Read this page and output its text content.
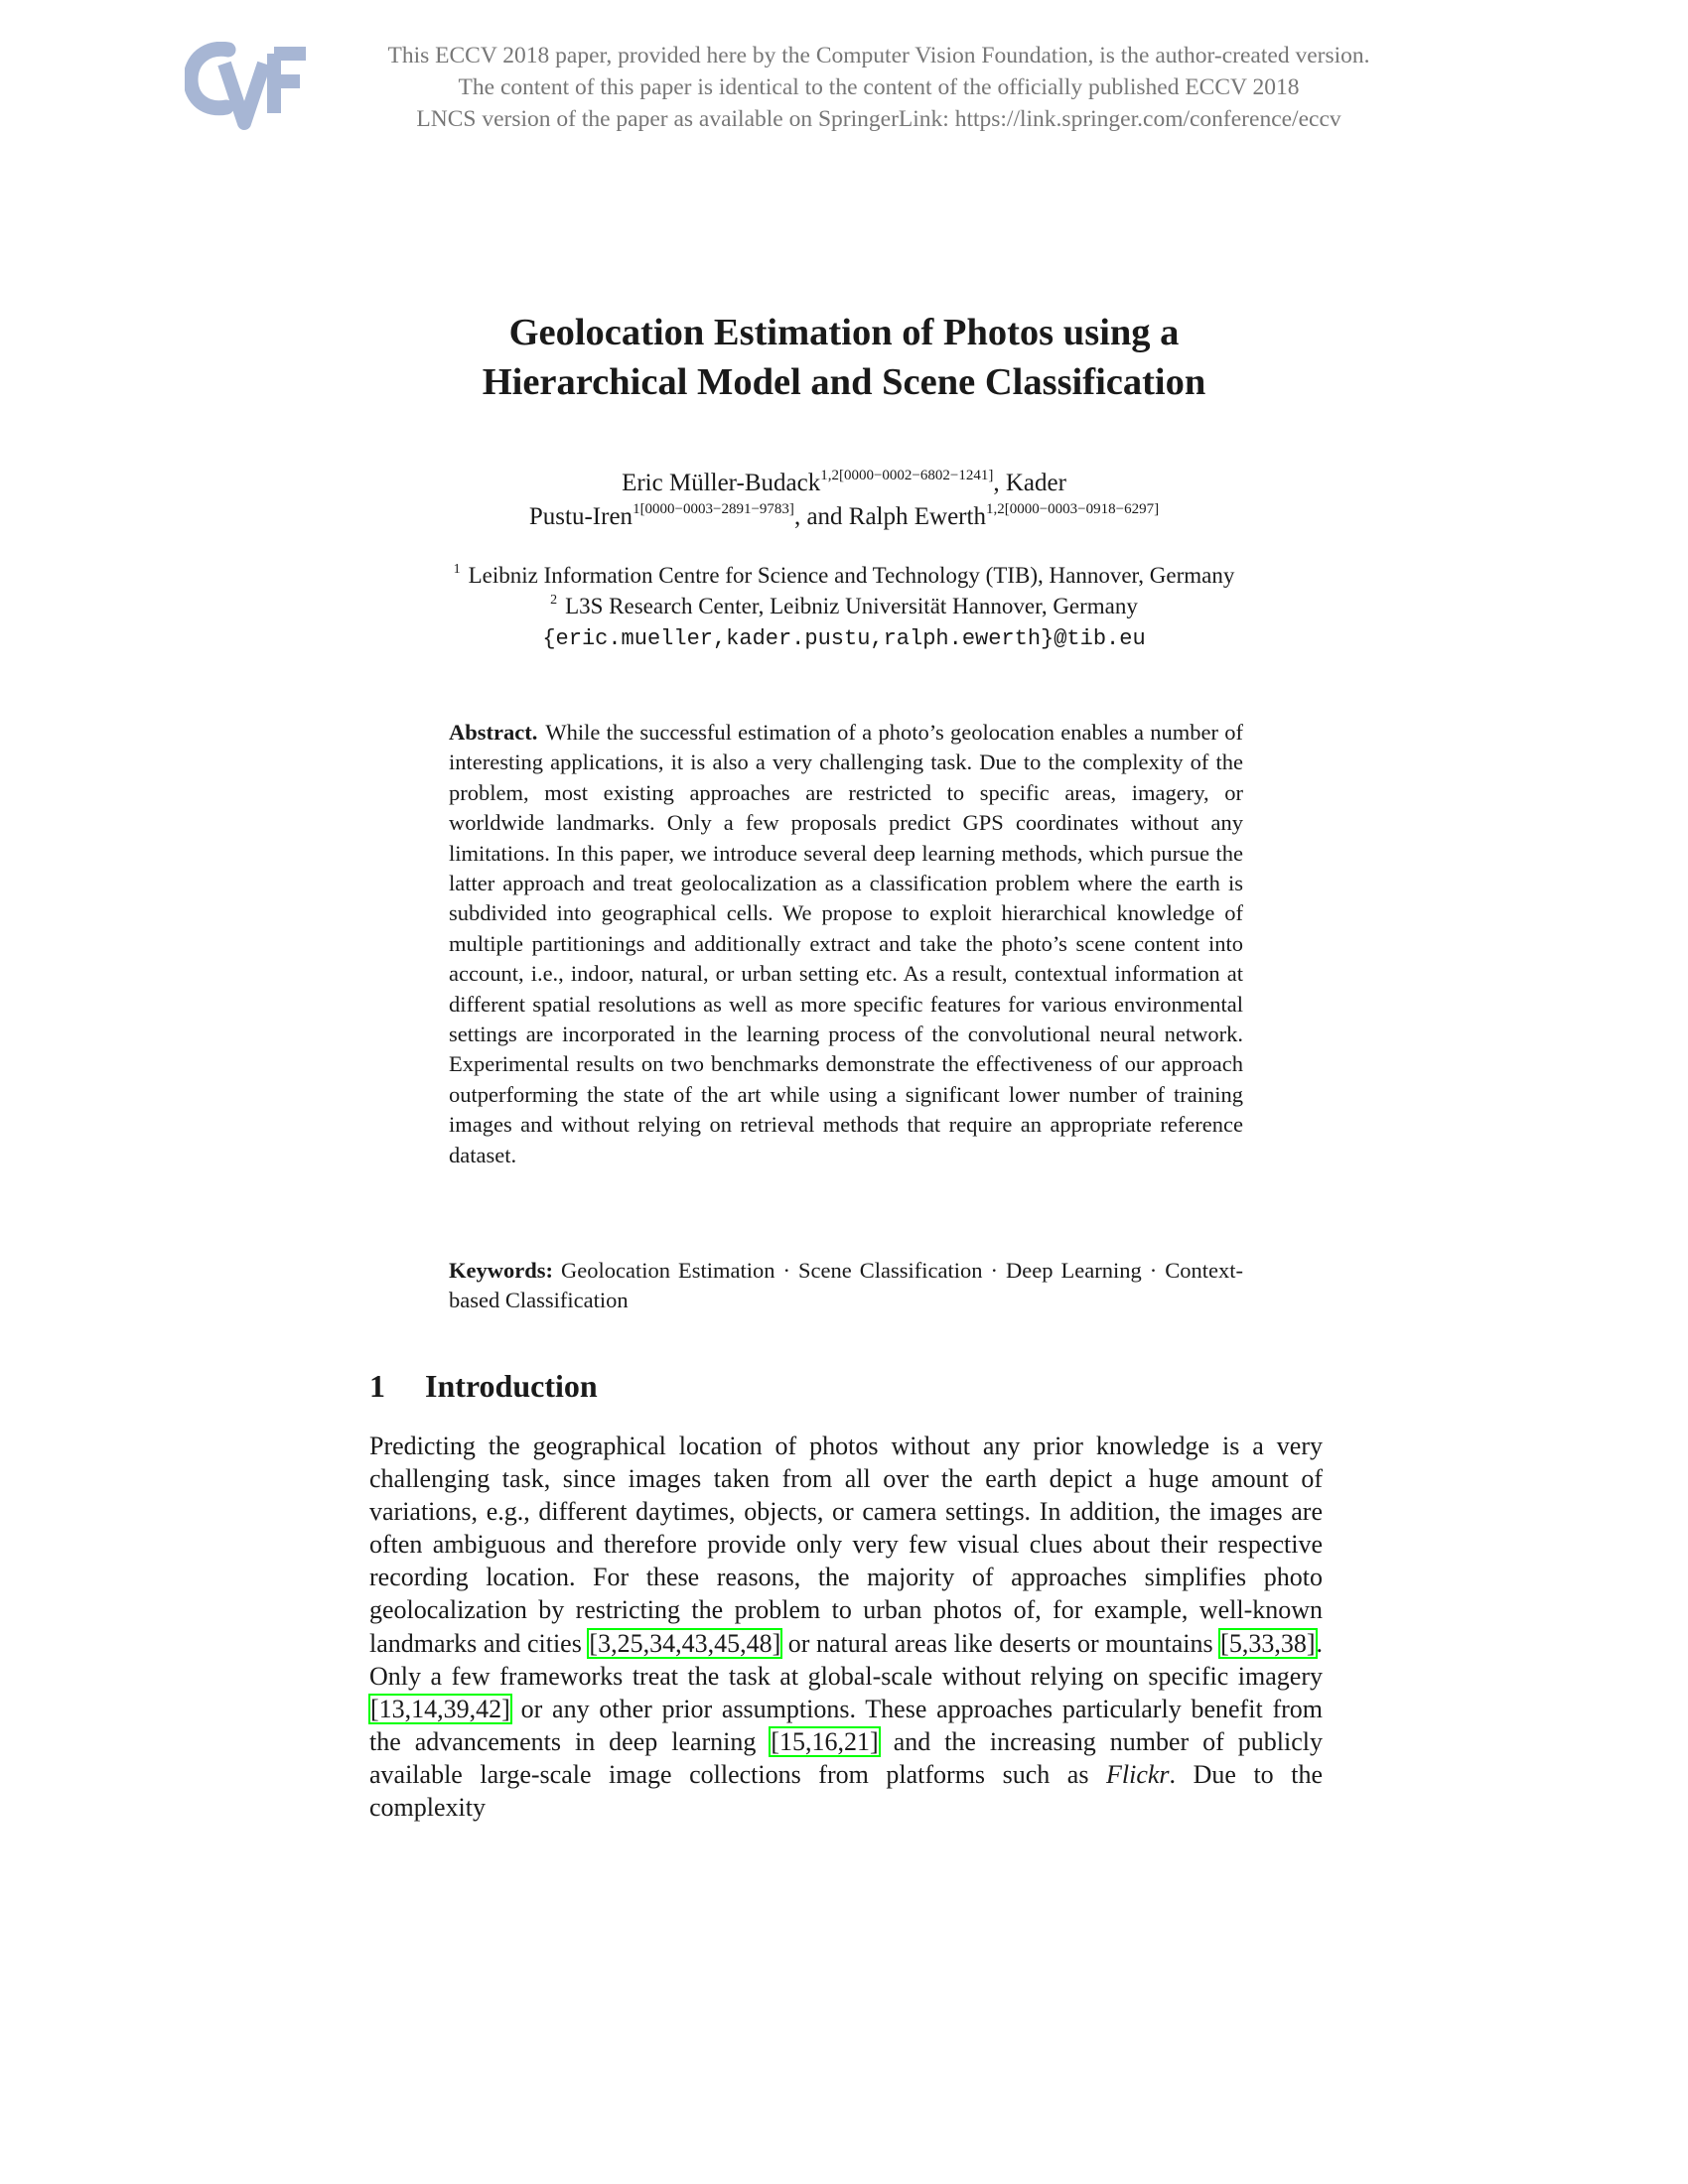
This ECCV 2018 paper, provided here by the Computer Vision Foundation, is the author-created version.
The content of this paper is identical to the content of the officially published ECCV 2018
LNCS version of the paper as available on SpringerLink: https://link.springer.com/conference/eccv
Geolocation Estimation of Photos using a
Hierarchical Model and Scene Classification
Eric Müller-Budack$^{1,2[0000-0002-6802-1241]}$, Kader
Pustu-Iren$^{1[0000-0003-2891-9783]}$, and Ralph Ewerth$^{1,2[0000-0003-0918-6297]}$
$^1$ Leibniz Information Centre for Science and Technology (TIB), Hannover, Germany
$^2$ L3S Research Center, Leibniz Universität Hannover, Germany
{eric.mueller,kader.pustu,ralph.ewerth}@tib.eu
Abstract. While the successful estimation of a photo’s geolocation enables a number of interesting applications, it is also a very challenging task. Due to the complexity of the problem, most existing approaches are restricted to specific areas, imagery, or worldwide landmarks. Only a few proposals predict GPS coordinates without any limitations. In this paper, we introduce several deep learning methods, which pursue the latter approach and treat geolocalization as a classification problem where the earth is subdivided into geographical cells. We propose to exploit hierarchical knowledge of multiple partitionings and additionally extract and take the photo’s scene content into account, i.e., indoor, natural, or urban setting etc. As a result, contextual information at different spatial resolutions as well as more specific features for various environmental settings are incorporated in the learning process of the convolutional neural network. Experimental results on two benchmarks demonstrate the effectiveness of our approach outperforming the state of the art while using a significant lower number of training images and without relying on retrieval methods that require an appropriate reference dataset.
Keywords: Geolocation Estimation · Scene Classification · Deep Learning · Context-based Classification
1 Introduction
Predicting the geographical location of photos without any prior knowledge is a very challenging task, since images taken from all over the earth depict a huge amount of variations, e.g., different daytimes, objects, or camera settings. In addition, the images are often ambiguous and therefore provide only very few visual clues about their respective recording location. For these reasons, the majority of approaches simplifies photo geolocalization by restricting the problem to urban photos of, for example, well-known landmarks and cities [3,25,34,43,45,48] or natural areas like deserts or mountains [5,33,38]. Only a few frameworks treat the task at global-scale without relying on specific imagery [13,14,39,42] or any other prior assumptions. These approaches particularly benefit from the advancements in deep learning [15,16,21] and the increasing number of publicly available large-scale image collections from platforms such as Flickr. Due to the complexity
